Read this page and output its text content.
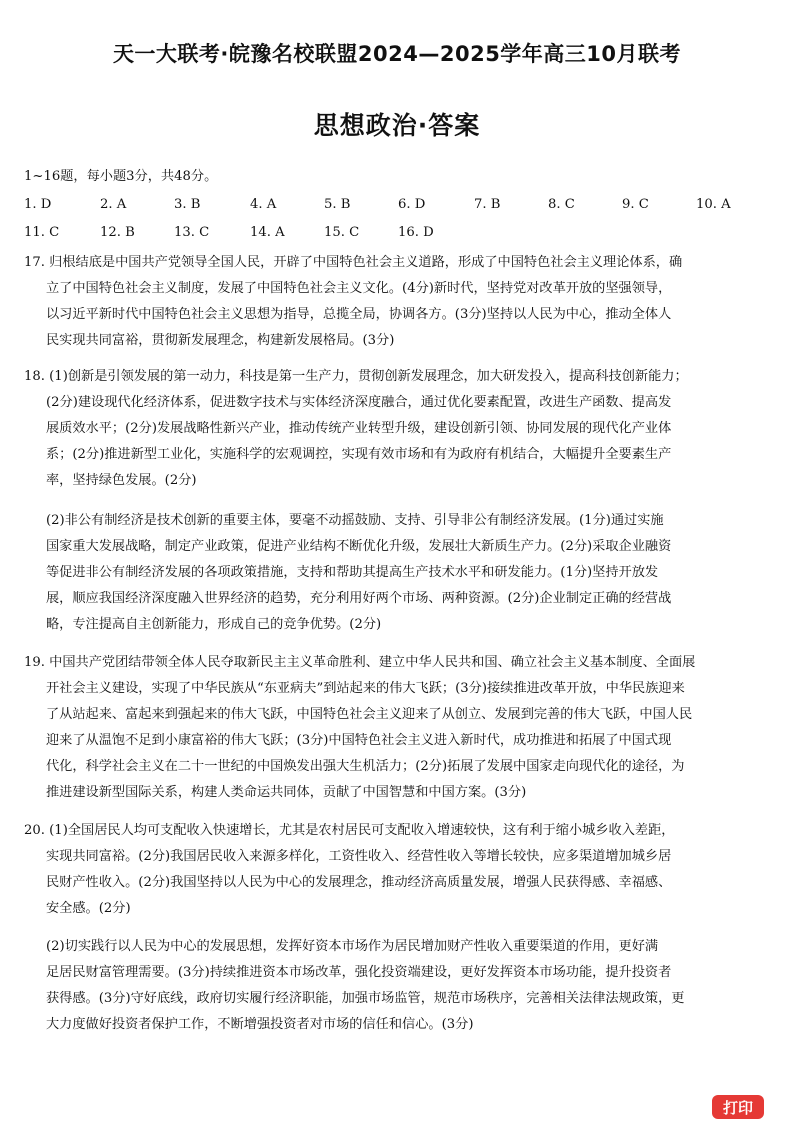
天一大联考·皖豫名校联盟2024—2025学年高三10月联考
思想政治·答案
1~16题，每小题3分，共48分。
1. D	2. A	3. B	4. A	5. B	6. D	7. B	8. C	9. C	10. A
11. C	12. B	13. C	14. A	15. C	16. D
17. 归根结底是中国共产党领导全国人民，开辟了中国特色社会主义道路，形成了中国特色社会主义理论体系，确
立了中国特色社会主义制度，发展了中国特色社会主义文化。(4分)新时代，坚持党对改革开放的坚强领导，
以习近平新时代中国特色社会主义思想为指导，总揽全局，协调各方。(3分)坚持以人民为中心，推动全体人
民实现共同富裕，贯彻新发展理念，构建新发展格局。(3分)
18. (1)创新是引领发展的第一动力，科技是第一生产力，贯彻创新发展理念，加大研发投入，提高科技创新能力；
(2分)建设现代化经济体系，促进数字技术与实体经济深度融合，通过优化要素配置，改进生产函数、提高发
展质效水平；(2分)发展战略性新兴产业，推动传统产业转型升级，建设创新引领、协同发展的现代化产业体
系；(2分)推进新型工业化，实施科学的宏观调控，实现有效市场和有为政府有机结合，大幅提升全要素生产
率，坚持绿色发展。(2分)
(2)非公有制经济是技术创新的重要主体，要毫不动摇鼓励、支持、引导非公有制经济发展。(1分)通过实施
国家重大发展战略，制定产业政策，促进产业结构不断优化升级，发展壮大新质生产力。(2分)采取企业融资
等促进非公有制经济发展的各项政策措施，支持和帮助其提高生产技术水平和研发能力。(1分)坚持开放发
展，顺应我国经济深度融入世界经济的趋势，充分利用好两个市场、两种资源。(2分)企业制定正确的经营战
略，专注提高自主创新能力，形成自己的竞争优势。(2分)
19. 中国共产党团结带领全体人民夺取新民主主义革命胜利、建立中华人民共和国、确立社会主义基本制度、全面展
开社会主义建设，实现了中华民族从“东亚病夫”到站起来的伟大飞跃；(3分)接续推进改革开放，中华民族迎来
了从站起来、富起来到强起来的伟大飞跃，中国特色社会主义迎来了从创立、发展到完善的伟大飞跃，中国人民
迎来了从温饱不足到小康富裕的伟大飞跃；(3分)中国特色社会主义进入新时代，成功推进和拓展了中国式现
代化，科学社会主义在二十一世纪的中国焕发出强大生机活力；(2分)拓展了发展中国家走向现代化的途径，为
推进建设新型国际关系，构建人类命运共同体，贡献了中国智慧和中国方案。(3分)
20. (1)全国居民人均可支配收入快速增长，尤其是农村居民可支配收入增速较快，这有利于缩小城乡收入差距，
实现共同富裕。(2分)我国居民收入来源多样化，工资性收入、经营性收入等增长较快，应多渠道增加城乡居
民财产性收入。(2分)我国坚持以人民为中心的发展理念，推动经济高质量发展，增强人民获得感、幸福感、
安全感。(2分)
(2)切实践行以人民为中心的发展思想，发挥好资本市场作为居民增加财产性收入重要渠道的作用，更好满
足居民财富管理需要。(3分)持续推进资本市场改革，强化投资端建设，更好发挥资本市场功能，提升投资者
获得感。(3分)守好底线，政府切实履行经济职能，加强市场监管，规范市场秩序，完善相关法律法规政策，更
大力度做好投资者保护工作，不断增强投资者对市场的信任和信心。(3分)
打印
